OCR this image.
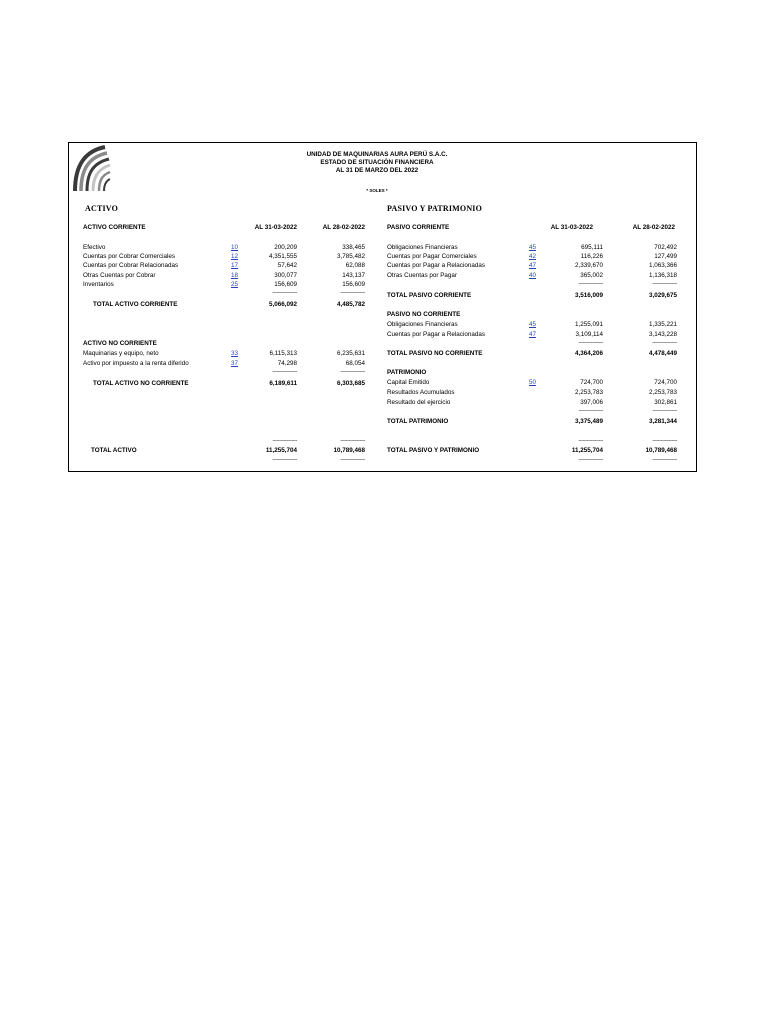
UNIDAD DE MAQUINARIAS AURA PERÚ S.A.C.
ESTADO DE SITUACIÓN FINANCIERA
AL 31 DE MARZO DEL 2022
* SOLES *
ACTIVO	PASIVO Y PATRIMONIO
ACTIVO CORRIENTE	AL 31-03-2022	AL 28-02-2022	PASIVO CORRIENTE	AL 31-03-2022	AL 28-02-2022
Efectivo	10	200,209	338,465
Cuentas por Cobrar Comerciales	12	4,351,555	3,785,482
Cuentas por Cobrar Relacionadas	17	57,642	62,088
Otras Cuentas por Cobrar	18	300,077	143,137
Inventarios	25	156,609	156,609
------------------	------------------
TOTAL ACTIVO CORRIENTE	5,066,092	4,485,782
ACTIVO NO CORRIENTE
Maquinarias y equipo, neto	33	6,115,313	6,235,631
Activo por impuesto a la renta diferido	37	74,298	68,054
------------------	------------------
TOTAL ACTIVO NO CORRIENTE	6,189,611	6,303,685
------------------	------------------
TOTAL ACTIVO	11,255,704	10,789,468
------------------	------------------
Obligaciones Financieras	45	695,111	702,492
Cuentas por Pagar Comerciales	42	116,226	127,499
Cuentas por Pagar a Relacionadas	47	2,339,670	1,063,366
Otras Cuentas por Pagar	40	365,002	1,136,318
------------------	------------------
TOTAL PASIVO CORRIENTE	3,516,009	3,029,675
PASIVO NO CORRIENTE
Obligaciones Financieras	45	1,255,091	1,335,221
Cuentas por Pagar a Relacionadas	47	3,109,114	3,143,228
------------------	------------------
TOTAL PASIVO NO CORRIENTE	4,364,206	4,478,449
PATRIMONIO
Capital Emitido	50	724,700	724,700
Resultados Acumulados	2,253,783	2,253,783
Resultado del ejercicio	397,006	302,861
------------------	------------------
TOTAL PATRIMONIO	3,375,489	3,281,344
------------------	------------------
TOTAL PASIVO Y PATRIMONIO	11,255,704	10,789,468
------------------	------------------
